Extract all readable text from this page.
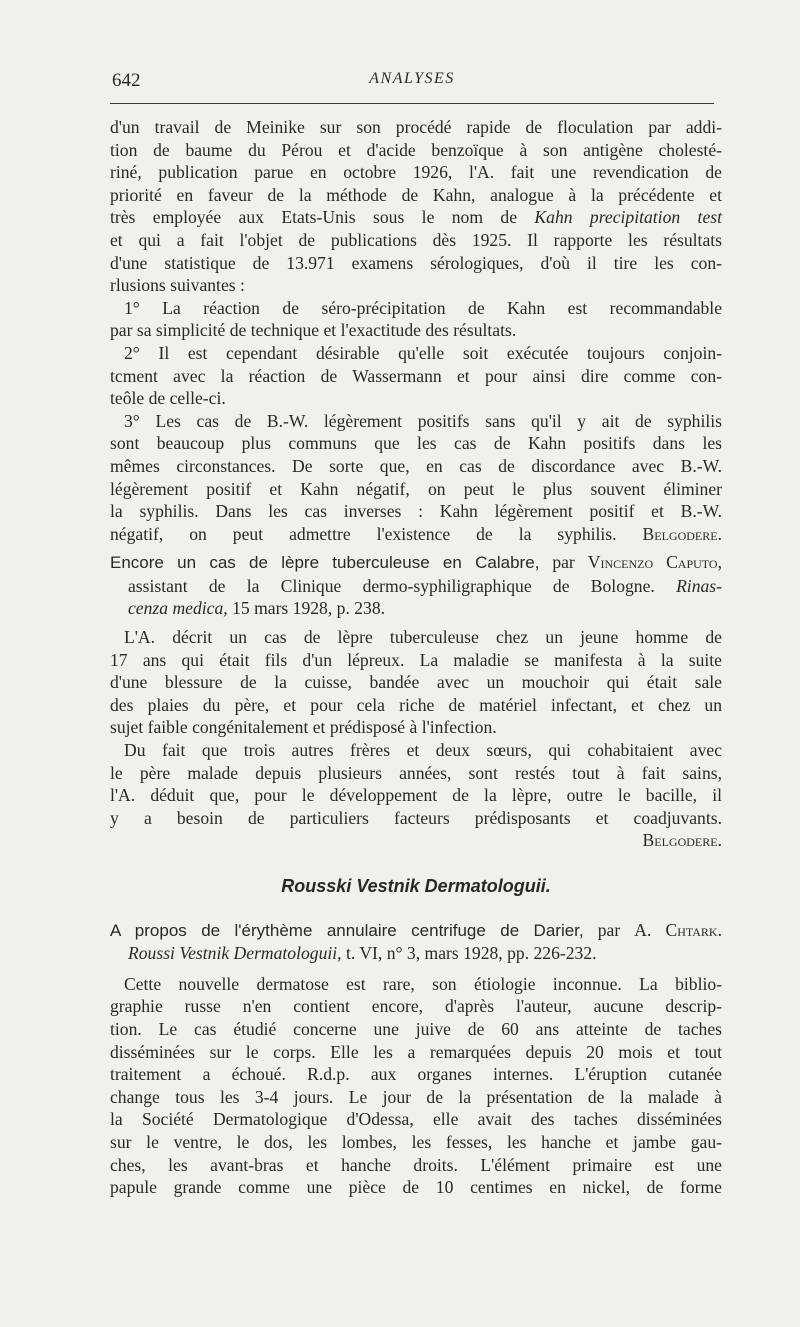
642	ANALYSES
d'un travail de Meinike sur son procédé rapide de floculation par addi-
tion de baume du Pérou et d'acide benzoïque à son antigène cholesté-
riné, publication parue en octobre 1926, l'A. fait une revendication de
priorité en faveur de la méthode de Kahn, analogue à la précédente et
très employée aux Etats-Unis sous le nom de Kahn precipitation test
et qui a fait l'objet de publications dès 1925. Il rapporte les résultats
d'une statistique de 13.971 examens sérologiques, d'où il tire les con-
rlusions suivantes :
1° La réaction de séro-précipitation de Kahn est recommandable
par sa simplicité de technique et l'exactitude des résultats.
2° Il est cependant désirable qu'elle soit exécutée toujours conjoin-
tcment avec la réaction de Wassermann et pour ainsi dire comme con-
teôle de celle-ci.
3° Les cas de B.-W. légèrement positifs sans qu'il y ait de syphilis
sont beaucoup plus communs que les cas de Kahn positifs dans les
mêmes circonstances. De sorte que, en cas de discordance avec B.-W.
légèrement positif et Kahn négatif, on peut le plus souvent éliminer
la syphilis. Dans les cas inverses : Kahn légèrement positif et B.-W.
négatif, on peut admettre l'existence de la syphilis. Belgodere.
Encore un cas de lèpre tuberculeuse en Calabre, par Vincenzo Caputo,
assistant de la Clinique dermo-syphiligraphique de Bologne. Rinas-
cenza medica, 15 mars 1928, p. 238.
L'A. décrit un cas de lèpre tuberculeuse chez un jeune homme de
17 ans qui était fils d'un lépreux. La maladie se manifesta à la suite
d'une blessure de la cuisse, bandée avec un mouchoir qui était sale
des plaies du père, et pour cela riche de matériel infectant, et chez un
sujet faible congénitalement et prédisposé à l'infection.
Du fait que trois autres frères et deux sœurs, qui cohabitaient avec
le père malade depuis plusieurs années, sont restés tout à fait sains,
l'A. déduit que, pour le développement de la lèpre, outre le bacille, il
y a besoin de particuliers facteurs prédisposants et coadjuvants.
Belgodere.
Rousski Vestnik Dermatologuii.
A propos de l'érythème annulaire centrifuge de Darier, par A. Chtark.
Roussi Vestnik Dermatologuii, t. VI, n° 3, mars 1928, pp. 226-232.
Cette nouvelle dermatose est rare, son étiologie inconnue. La biblio-
graphie russe n'en contient encore, d'après l'auteur, aucune descrip-
tion. Le cas étudié concerne une juive de 60 ans atteinte de taches
disséminées sur le corps. Elle les a remarquées depuis 20 mois et tout
traitement a échoué. R.d.p. aux organes internes. L'éruption cutanée
change tous les 3-4 jours. Le jour de la présentation de la malade à
la Société Dermatologique d'Odessa, elle avait des taches disséminées
sur le ventre, le dos, les lombes, les fesses, les hanche et jambe gau-
ches, les avant-bras et hanche droits. L'élément primaire est une
papule grande comme une pièce de 10 centimes en nickel, de forme
